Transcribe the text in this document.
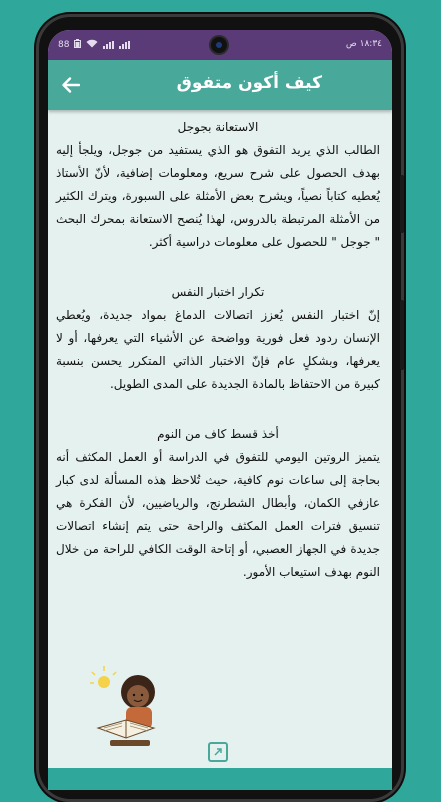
88	١٨:٣٤ ص
كيف أكون متفوق
الاستعانة بجوجل
الطالب الذي يريد التفوق هو الذي يستفيد من جوجل، ويلجأ إليه بهدف الحصول على شرح سريع، ومعلومات إضافية، لأنّ الأستاذ يُعطيه كتاباً نصياً، ويشرح بعض الأمثلة على السبورة، ويترك الكثير من الأمثلة المرتبطة بالدروس، لهذا يُنصح الاستعانة بمحرك البحث " جوجل " للحصول على معلومات دراسية أكثر.
تكرار اختبار النفس
إنّ اختبار النفس يُعزز اتصالات الدماغ بمواد جديدة، ويُعطي الإنسان ردود فعل فورية وواضحة عن الأشياء التي يعرفها، أو لا يعرفها، وبشكلٍ عام فإنّ الاختبار الذاتي المتكرر يحسن بنسبة كبيرة من الاحتفاظ بالمادة الجديدة على المدى الطويل.
أخذ قسط كاف من النوم
يتميز الروتين اليومي للتفوق في الدراسة أو العمل المكثف أنه بحاجة إلى ساعات نوم كافية، حيث تُلاحظ هذه المسألة لدى كبار عازفي الكمان، وأبطال الشطرنج، والرياضيين، لأن الفكرة هي تنسيق فترات العمل المكثف والراحة حتى يتم إنشاء اتصالات جديدة في الجهاز العصبي، أو إتاحة الوقت الكافي للراحة من خلال النوم بهدف استيعاب الأمور.
